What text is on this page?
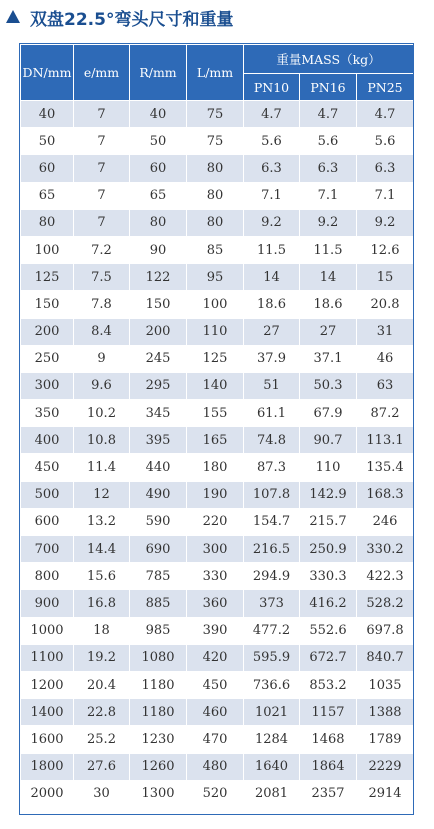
双盘22.5°弯头尺寸和重量
DN/mm	e/mm	R/mm	L/mm	重量MASS（kg）		
				PN10	PN16	PN25
40	7	40	75	4.7	4.7	4.7
50	7	50	75	5.6	5.6	5.6
60	7	60	80	6.3	6.3	6.3
65	7	65	80	7.1	7.1	7.1
80	7	80	80	9.2	9.2	9.2
100	7.2	90	85	11.5	11.5	12.6
125	7.5	122	95	14	14	15
150	7.8	150	100	18.6	18.6	20.8
200	8.4	200	110	27	27	31
250	9	245	125	37.9	37.1	46
300	9.6	295	140	51	50.3	63
350	10.2	345	155	61.1	67.9	87.2
400	10.8	395	165	74.8	90.7	113.1
450	11.4	440	180	87.3	110	135.4
500	12	490	190	107.8	142.9	168.3
600	13.2	590	220	154.7	215.7	246
700	14.4	690	300	216.5	250.9	330.2
800	15.6	785	330	294.9	330.3	422.3
900	16.8	885	360	373	416.2	528.2
1000	18	985	390	477.2	552.6	697.8
1100	19.2	1080	420	595.9	672.7	840.7
1200	20.4	1180	450	736.6	853.2	1035
1400	22.8	1180	460	1021	1157	1388
1600	25.2	1230	470	1284	1468	1789
1800	27.6	1260	480	1640	1864	2229
2000	30	1300	520	2081	2357	2914
